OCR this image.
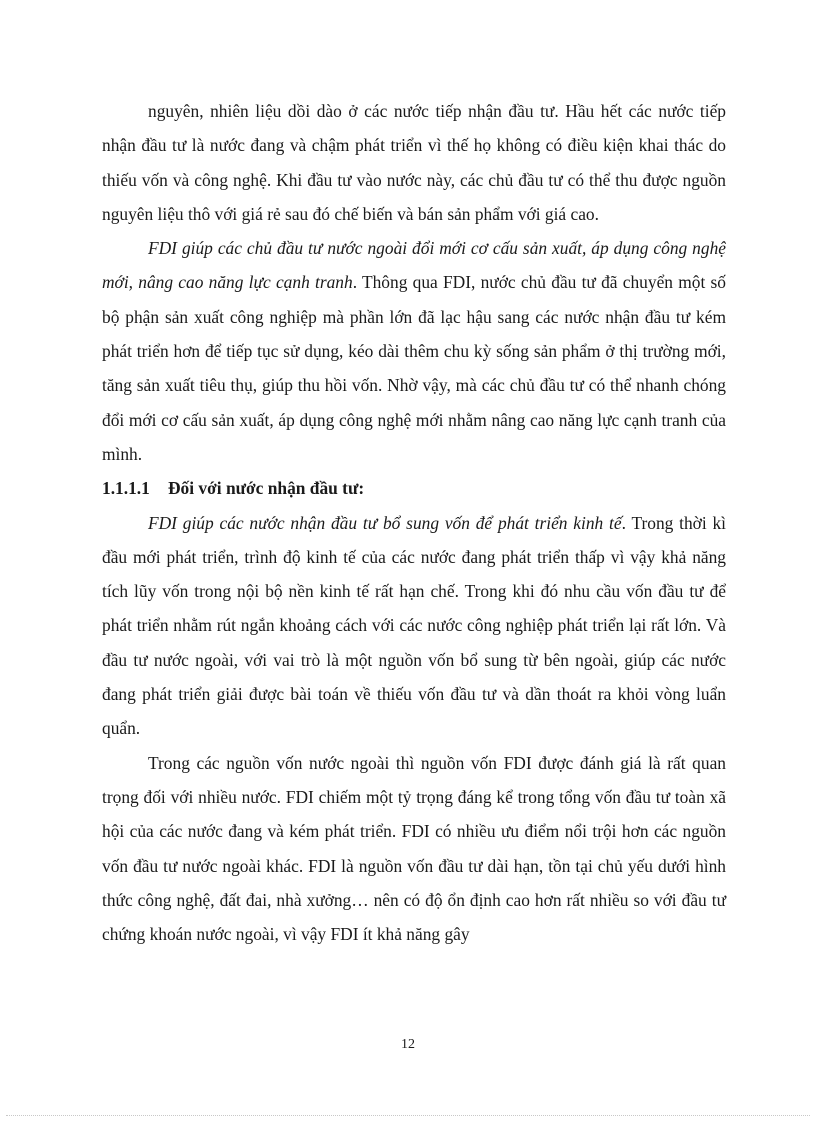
nguyên, nhiên liệu dồi dào ở các nước tiếp nhận đầu tư. Hầu hết các nước tiếp nhận đầu tư là nước đang và chậm phát triển vì thế họ không có điều kiện khai thác do thiếu vốn và công nghệ. Khi đầu tư vào nước này, các chủ đầu tư có thể thu được nguồn nguyên liệu thô với giá rẻ sau đó chế biến và bán sản phẩm với giá cao.

FDI giúp các chủ đầu tư nước ngoài đổi mới cơ cấu sản xuất, áp dụng công nghệ mới, nâng cao năng lực cạnh tranh. Thông qua FDI, nước chủ đầu tư đã chuyển một số bộ phận sản xuất công nghiệp mà phần lớn đã lạc hậu sang các nước nhận đầu tư kém phát triển hơn để tiếp tục sử dụng, kéo dài thêm chu kỳ sống sản phẩm ở thị trường mới, tăng sản xuất tiêu thụ, giúp thu hồi vốn. Nhờ vậy, mà các chủ đầu tư có thể nhanh chóng đổi mới cơ cấu sản xuất, áp dụng công nghệ mới nhằm nâng cao năng lực cạnh tranh của mình.

1.1.1.1	Đối với nước nhận đầu tư:

FDI giúp các nước nhận đầu tư bổ sung vốn để phát triển kinh tế. Trong thời kì đầu mới phát triển, trình độ kinh tế của các nước đang phát triển thấp vì vậy khả năng tích lũy vốn trong nội bộ nền kinh tế rất hạn chế. Trong khi đó nhu cầu vốn đầu tư để phát triển nhằm rút ngắn khoảng cách với các nước công nghiệp phát triển lại rất lớn. Và đầu tư nước ngoài, với vai trò là một nguồn vốn bổ sung từ bên ngoài, giúp các nước đang phát triển giải được bài toán về thiếu vốn đầu tư và dần thoát ra khỏi vòng luẩn quẩn.

Trong các nguồn vốn nước ngoài thì nguồn vốn FDI được đánh giá là rất quan trọng đối với nhiều nước. FDI chiếm một tỷ trọng đáng kể trong tổng vốn đầu tư toàn xã hội của các nước đang và kém phát triển. FDI có nhiều ưu điểm nổi trội hơn các nguồn vốn đầu tư nước ngoài khác. FDI là nguồn vốn đầu tư dài hạn, tồn tại chủ yếu dưới hình thức công nghệ, đất đai, nhà xưởng… nên có độ ổn định cao hơn rất nhiều so với đầu tư chứng khoán nước ngoài, vì vậy FDI ít khả năng gây

12
